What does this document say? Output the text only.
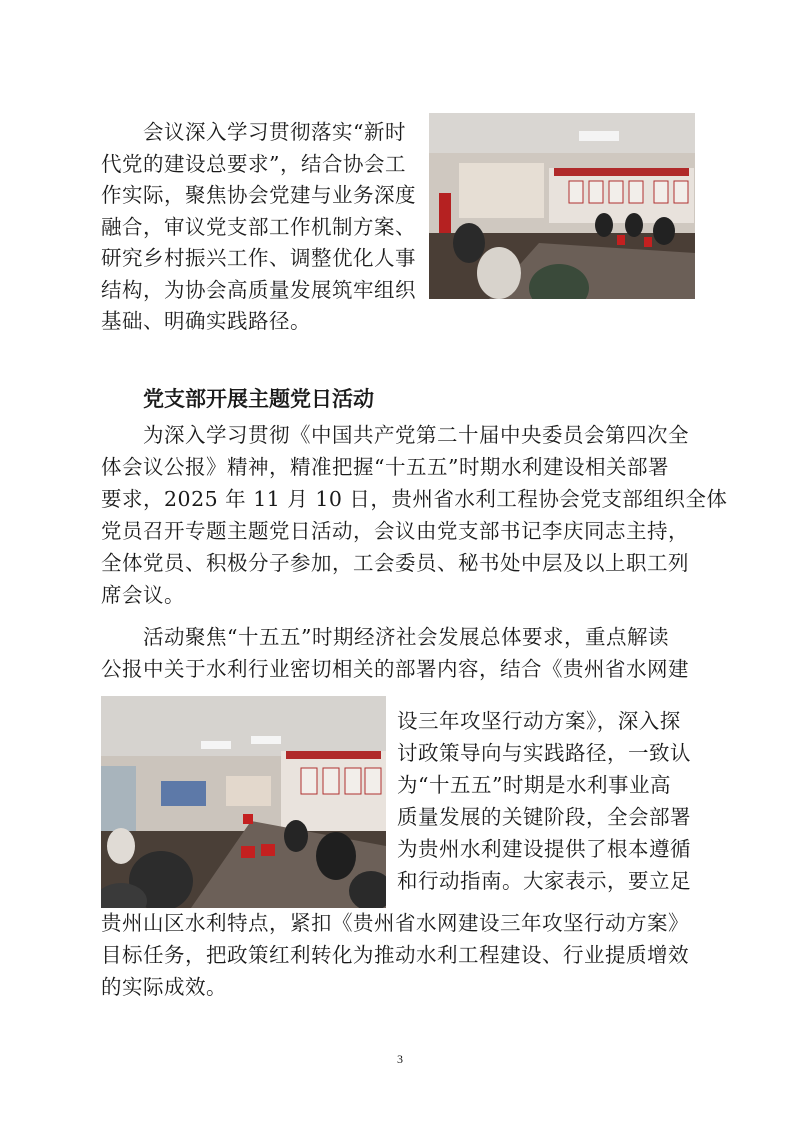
会议深入学习贯彻落实“新时
代党的建设总要求”，结合协会工
作实际，聚焦协会党建与业务深度
融合，审议党支部工作机制方案、
研究乡村振兴工作、调整优化人事
结构，为协会高质量发展筑牢组织
基础、明确实践路径。
党支部开展主题党日活动
为深入学习贯彻《中国共产党第二十届中央委员会第四次全
体会议公报》精神，精准把握“十五五”时期水利建设相关部署
要求，2025 年 11 月 10 日，贵州省水利工程协会党支部组织全体
党员召开专题主题党日活动，会议由党支部书记李庆同志主持，
全体党员、积极分子参加，工会委员、秘书处中层及以上职工列
席会议。
活动聚焦“十五五”时期经济社会发展总体要求，重点解读
公报中关于水利行业密切相关的部署内容，结合《贵州省水网建
设三年攻坚行动方案》，深入探
讨政策导向与实践路径，一致认
为“十五五”时期是水利事业高
质量发展的关键阶段，全会部署
为贵州水利建设提供了根本遵循
和行动指南。大家表示，要立足
贵州山区水利特点，紧扣《贵州省水网建设三年攻坚行动方案》
目标任务，把政策红利转化为推动水利工程建设、行业提质增效
的实际成效。
3
